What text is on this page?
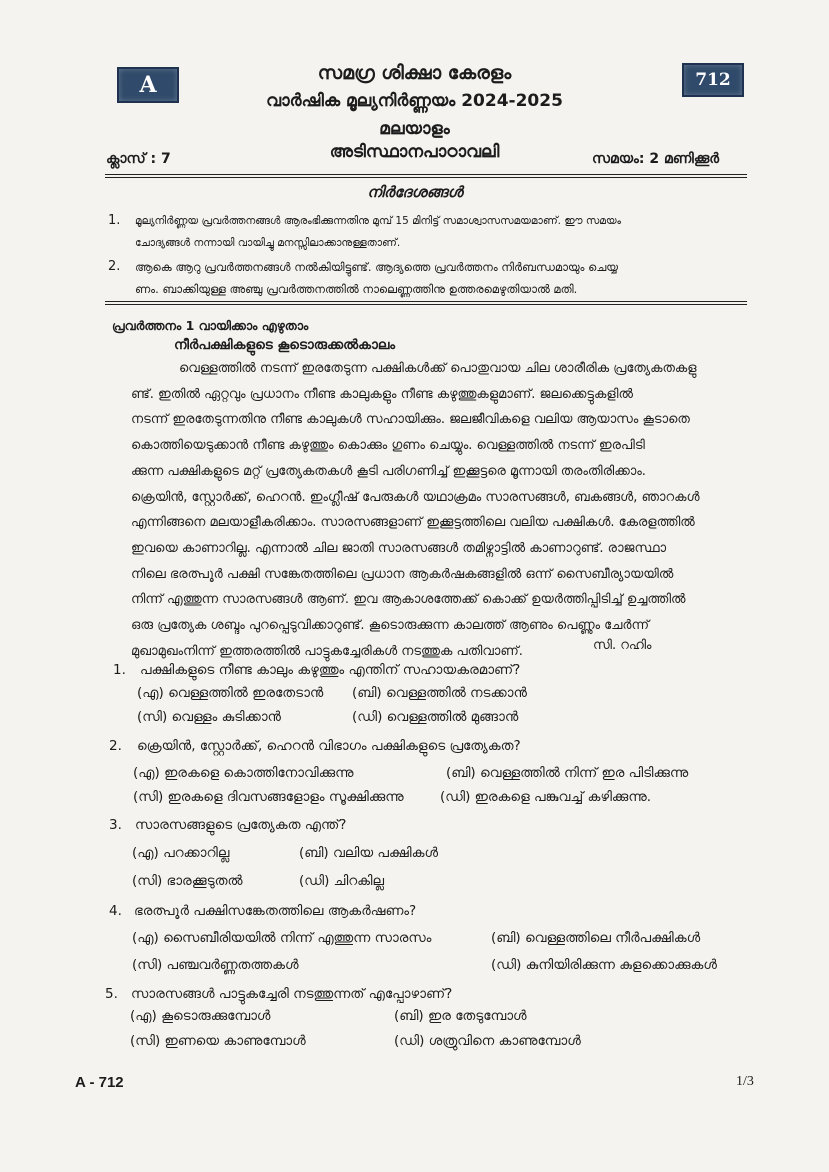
A	712
സമഗ്ര ശിക്ഷാ കേരളം
വാർഷിക മൂല്യനിർണ്ണയം 2024-2025
മലയാളം
അടിസ്ഥാനപാഠാവലി
ക്ലാസ് : 7	സമയം: 2 മണിക്കൂർ
നിർദേശങ്ങൾ
1. മൂല്യനിർണ്ണയ പ്രവർത്തനങ്ങൾ ആരംഭിക്കുന്നതിനു മുമ്പ് 15 മിനിട്ട് സമാശ്വാസസമയമാണ്. ഈ സമയം
ചോദ്യങ്ങൾ നന്നായി വായിച്ചു മനസ്സിലാക്കാനുള്ളതാണ്.
2. ആകെ ആറു പ്രവർത്തനങ്ങൾ നൽകിയിട്ടുണ്ട്. ആദ്യത്തെ പ്രവർത്തനം നിർബന്ധമായും ചെയ്യ
ണം. ബാക്കിയുള്ള അഞ്ചു പ്രവർത്തനത്തിൽ നാലെണ്ണത്തിനു ഉത്തരമെഴുതിയാൽ മതി.
പ്രവർത്തനം 1 വായിക്കാം എഴുതാം
നീർപക്ഷികളുടെ കൂടൊരുക്കൽകാലം
വെള്ളത്തിൽ നടന്ന് ഇരതേടുന്ന പക്ഷികൾക്ക് പൊതുവായ ചില ശാരീരിക പ്രത്യേകതകളു
ണ്ട്. ഇതിൽ ഏറ്റവും പ്രധാനം നീണ്ട കാലുകളും നീണ്ട കഴുത്തുകളുമാണ്. ജലക്കെട്ടുകളിൽ
നടന്ന് ഇരതേടുന്നതിനു നീണ്ട കാലുകൾ സഹായിക്കും. ജലജീവികളെ വലിയ ആയാസം കൂടാതെ
കൊത്തിയെടുക്കാൻ നീണ്ട കഴുത്തും കൊക്കും ഗുണം ചെയ്യും. വെള്ളത്തിൽ നടന്ന് ഇരപിടി
ക്കുന്ന പക്ഷികളുടെ മറ്റ് പ്രത്യേകതകൾ കൂടി പരിഗണിച്ച് ഇക്കൂട്ടരെ മൂന്നായി തരംതിരിക്കാം.
ക്രെയിൻ, സ്റ്റോർക്ക്, ഹെറൻ. ഇംഗ്ലീഷ് പേരുകൾ യഥാക്രമം സാരസങ്ങൾ, ബകങ്ങൾ, ഞാറകൾ
എന്നിങ്ങനെ മലയാളീകരിക്കാം. സാരസങ്ങളാണ് ഇക്കൂട്ടത്തിലെ വലിയ പക്ഷികൾ. കേരളത്തിൽ
ഇവയെ കാണാറില്ല. എന്നാൽ ചില ജാതി സാരസങ്ങൾ തമിഴ്നാട്ടിൽ കാണാറുണ്ട്. രാജസ്ഥാ
നിലെ ഭരത്പൂർ പക്ഷി സങ്കേതത്തിലെ പ്രധാന ആകർഷകങ്ങളിൽ ഒന്ന് സൈബീര്യായയിൽ
നിന്ന് എത്തുന്ന സാരസങ്ങൾ ആണ്. ഇവ ആകാശത്തേക്ക് കൊക്ക് ഉയർത്തിപ്പിടിച്ച് ഉച്ചത്തിൽ
ഒരു പ്രത്യേക ശബ്ദം പുറപ്പെടുവിക്കാറുണ്ട്. കൂടൊരുക്കുന്ന കാലത്ത് ആണും പെണ്ണും ചേർന്ന്
മുഖാമുഖംനിന്ന് ഇത്തരത്തിൽ പാട്ടുകച്ചേരികൾ നടത്തുക പതിവാണ്.	സി. റഹിം
1. പക്ഷികളുടെ നീണ്ട കാലും കഴുത്തും എന്തിന് സഹായകരമാണ്?
(എ) വെള്ളത്തിൽ ഇരതേടാൻ (ബി) വെള്ളത്തിൽ നടക്കാൻ
(സി) വെള്ളം കുടിക്കാൻ	(ഡി) വെള്ളത്തിൽ മുങ്ങാൻ
2. ക്രെയിൻ, സ്റ്റോർക്ക്, ഹെറൻ വിഭാഗം പക്ഷികളുടെ പ്രത്യേകത?
(എ) ഇരകളെ കൊത്തിനോവിക്കുന്നു	(ബി) വെള്ളത്തിൽ നിന്ന് ഇര പിടിക്കുന്നു
(സി) ഇരകളെ ദിവസങ്ങളോളം സൂക്ഷിക്കുന്നു	(ഡി) ഇരകളെ പങ്കുവച്ച് കഴിക്കുന്നു.
3. സാരസങ്ങളുടെ പ്രത്യേകത എന്ത്?
(എ) പറക്കാറില്ല	(ബി) വലിയ പക്ഷികൾ
(സി) ഭാരക്കൂടുതൽ	(ഡി) ചിറകില്ല
4. ഭരത്പൂർ പക്ഷിസങ്കേതത്തിലെ ആകർഷണം?
(എ) സൈബീരിയയിൽ നിന്ന് എത്തുന്ന സാരസം	(ബി) വെള്ളത്തിലെ നീർപക്ഷികൾ
(സി) പഞ്ചവർണ്ണതത്തകൾ	(ഡി) കുനിയിരിക്കുന്ന കുളക്കൊക്കുകൾ
5. സാരസങ്ങൾ പാട്ടുകച്ചേരി നടത്തുന്നത് എപ്പോഴാണ്?
(എ) കൂടൊരുക്കുമ്പോൾ	(ബി) ഇര തേടുമ്പോൾ
(സി) ഇണയെ കാണുമ്പോൾ	(ഡി) ശത്രുവിനെ കാണുമ്പോൾ
A - 712	1/3
